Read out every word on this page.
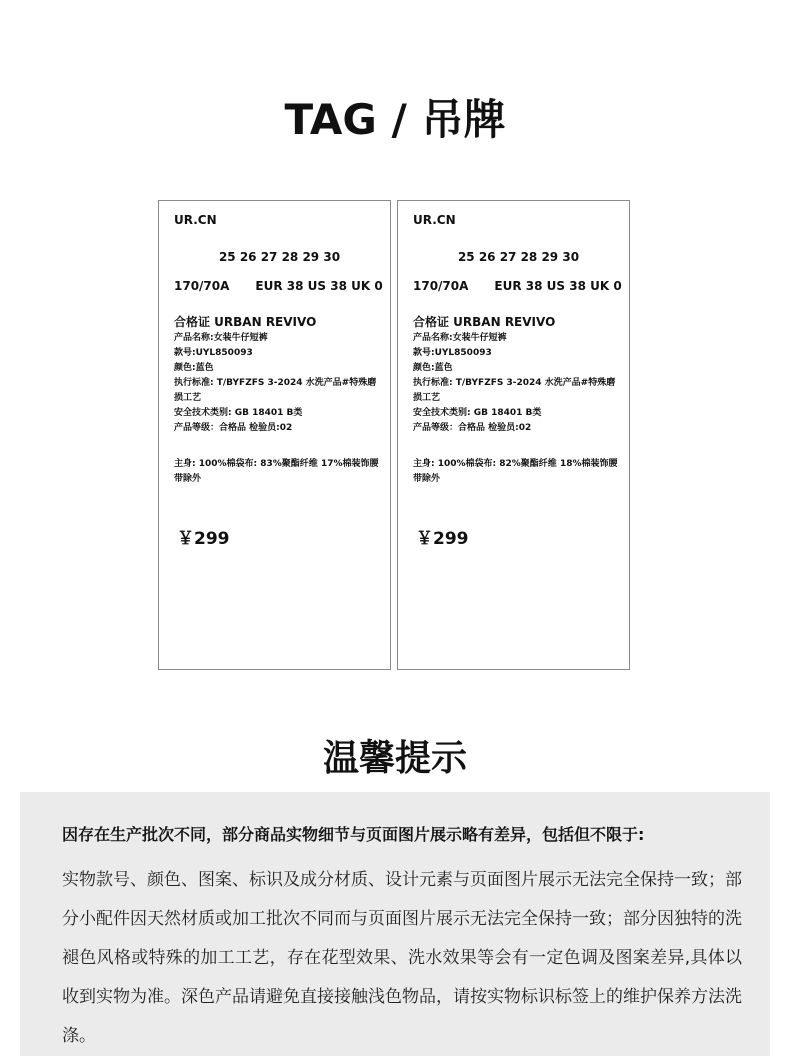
TAG / 吊牌
UR.CN
25 26 27 28 29 30
170/70A EUR 38 US 38 UK 0
合格证 URBAN REVIVO
产品名称:女装牛仔短裤
款号:UYL850093
颜色:蓝色
执行标准: T/BYFZFS 3-2024 水洗产品#特殊磨损工艺
安全技术类别: GB 18401 B类
产品等级：合格品 检验员:02
主身: 100%棉袋布: 83%聚酯纤维 17%棉装饰腰带除外
￥299
UR.CN
25 26 27 28 29 30
170/70A EUR 38 US 38 UK 0
合格证 URBAN REVIVO
产品名称:女装牛仔短裤
款号:UYL850093
颜色:蓝色
执行标准: T/BYFZFS 3-2024 水洗产品#特殊磨损工艺
安全技术类别: GB 18401 B类
产品等级：合格品 检验员:02
主身: 100%棉袋布: 82%聚酯纤维 18%棉装饰腰带除外
￥299
温馨提示
因存在生产批次不同，部分商品实物细节与页面图片展示略有差异，包括但不限于:
实物款号、颜色、图案、标识及成分材质、设计元素与页面图片展示无法完全保持一致；部分小配件因天然材质或加工批次不同而与页面图片展示无法完全保持一致；部分因独特的洗褪色风格或特殊的加工工艺，存在花型效果、洗水效果等会有一定色调及图案差异,具体以收到实物为准。深色产品请避免直接接触浅色物品，请按实物标识标签上的维护保养方法洗涤。
